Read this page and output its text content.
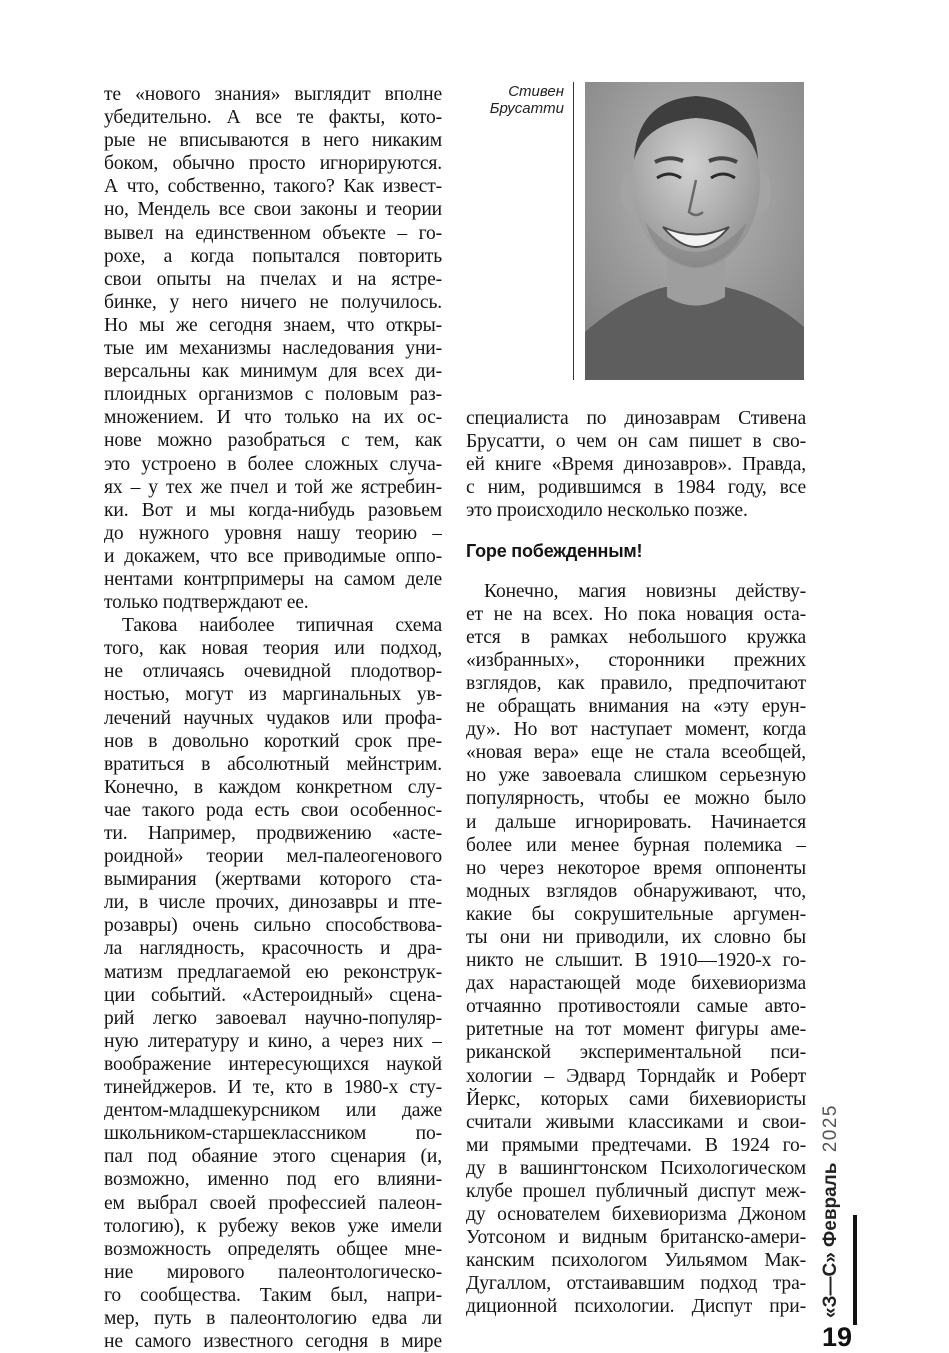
Стивен
Брусатти

те «нового знания» выглядит вполне

убедительно. А все те факты, кото-

рые не вписываются в него никаким

боком, обычно просто игнорируются.

А что, собственно, такого? Как извест-

но, Мендель все свои законы и теории

вывел на единственном объекте – го-

рохе, а когда попытался повторить

свои опыты на пчелах и на ястре-

бинке, у него ничего не получилось.

Но мы же сегодня знаем, что откры-

тые им механизмы наследования уни-

версальны как минимум для всех ди-

плоидных организмов с половым раз-

множением. И что только на их ос-

нове можно разобраться с тем, как

это устроено в более сложных случа-

ях – у тех же пчел и той же ястребин-

ки. Вот и мы когда-нибудь разовьем

до нужного уровня нашу теорию –

и докажем, что все приводимые оппо-

нентами контрпримеры на самом деле

только подтверждают ее.

Такова наиболее типичная схема

того, как новая теория или подход,

не отличаясь очевидной плодотвор-

ностью, могут из маргинальных ув-

лечений научных чудаков или профа-

нов в довольно короткий срок пре-

вратиться в абсолютный мейнстрим.

Конечно, в каждом конкретном слу-

чае такого рода есть свои особеннос-

ти. Например, продвижению «асте-

роидной» теории мел-палеогенового

вымирания (жертвами которого ста-

ли, в числе прочих, динозавры и пте-

розавры) очень сильно способствова-

ла наглядность, красочность и дра-

матизм предлагаемой ею реконструк-

ции событий. «Астероидный» сцена-

рий легко завоевал научно-популяр-

ную литературу и кино, а через них –

воображение интересующихся наукой

тинейджеров. И те, кто в 1980-х сту-

дентом-младшекурсником или даже

школьником-старшеклассником по-

пал под обаяние этого сценария (и,

возможно, именно под его влияни-

ем выбрал своей профессией палеон-

тологию), к рубежу веков уже имели

возможность определять общее мне-

ние мирового палеонтологическо-

го сообщества. Таким был, напри-

мер, путь в палеонтологию едва ли

не самого известного сегодня в мире

специалиста по динозаврам Стивена

Брусатти, о чем он сам пишет в сво-

ей книге «Время динозавров». Правда,

с ним, родившимся в 1984 году, все

это происходило несколько позже.

Горе побежденным!

Конечно, магия новизны действу-

ет не на всех. Но пока новация оста-

ется в рамках небольшого кружка

«избранных», сторонники прежних

взглядов, как правило, предпочитают

не обращать внимания на «эту ерун-

ду». Но вот наступает момент, когда

«новая вера» еще не стала всеобщей,

но уже завоевала слишком серьезную

популярность, чтобы ее можно было

и дальше игнорировать. Начинается

более или менее бурная полемика –

но через некоторое время оппоненты

модных взглядов обнаруживают, что,

какие бы сокрушительные аргумен-

ты они ни приводили, их словно бы

никто не слышит. В 1910—1920-х го-

дах нарастающей моде бихевиоризма

отчаянно противостояли самые авто-

ритетные на тот момент фигуры аме-

риканской экспериментальной пси-

хологии – Эдвард Торндайк и Роберт

Йеркс, которых сами бихевиористы

считали живыми классиками и свои-

ми прямыми предтечами. В 1924 го-

ду в вашингтонском Психологическом

клубе прошел публичный диспут меж-

ду основателем бихевиоризма Джоном

Уотсоном и видным британско-амери-

канским психологом Уильямом Мак-

Дугаллом, отстаивавшим подход тра-

диционной психологии. Диспут при- «З—С» Февраль 2025
19
